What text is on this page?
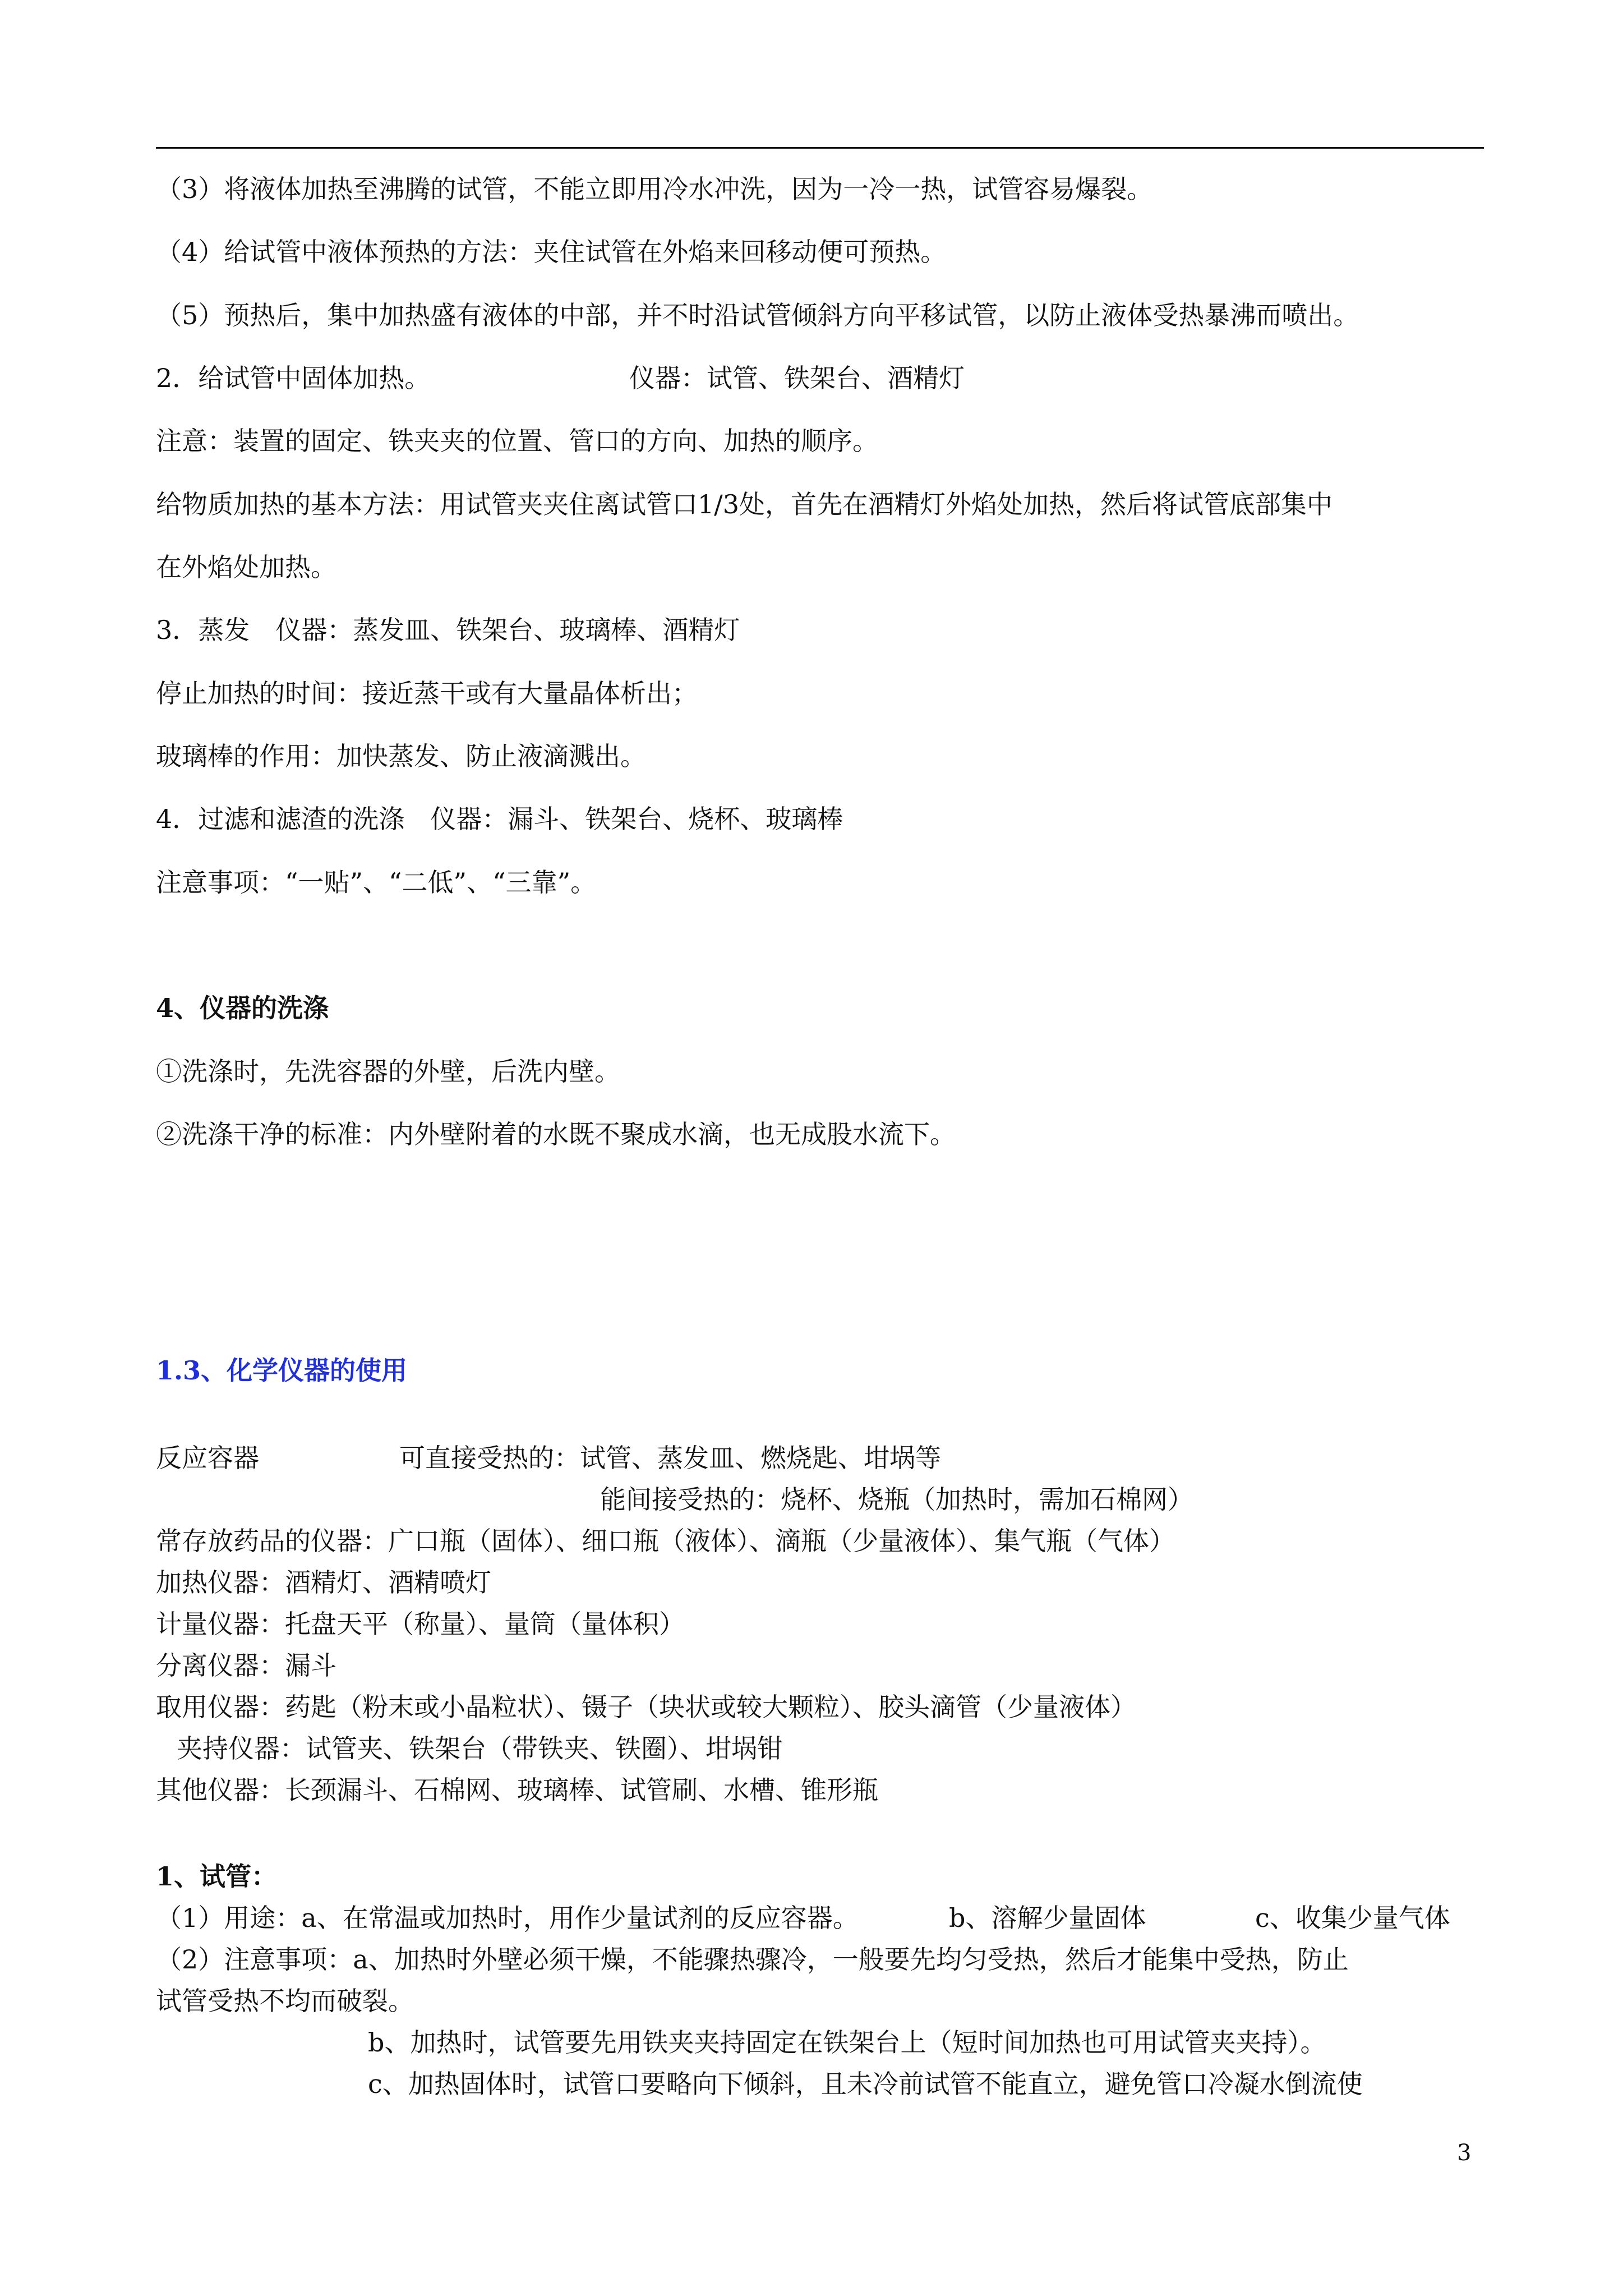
（3）将液体加热至沸腾的试管，不能立即用冷水冲洗，因为一冷一热，试管容易爆裂。
（4）给试管中液体预热的方法：夹住试管在外焰来回移动便可预热。
（5）预热后，集中加热盛有液体的中部，并不时沿试管倾斜方向平移试管，以防止液体受热暴沸而喷出。
2．给试管中固体加热。	仪器：试管、铁架台、酒精灯
注意：装置的固定、铁夹夹的位置、管口的方向、加热的顺序。
给物质加热的基本方法：用试管夹夹住离试管口1/3处，首先在酒精灯外焰处加热，然后将试管底部集中
在外焰处加热。
3．蒸发　仪器：蒸发皿、铁架台、玻璃棒、酒精灯
停止加热的时间：接近蒸干或有大量晶体析出；
玻璃棒的作用：加快蒸发、防止液滴溅出。
4．过滤和滤渣的洗涤　仪器：漏斗、铁架台、烧杯、玻璃棒
注意事项：“一贴”、“二低”、“三靠”。
4、仪器的洗涤
①洗涤时，先洗容器的外壁，后洗内壁。
②洗涤干净的标准：内外壁附着的水既不聚成水滴，也无成股水流下。
1.3、化学仪器的使用
反应容器	可直接受热的：试管、蒸发皿、燃烧匙、坩埚等
能间接受热的：烧杯、烧瓶（加热时，需加石棉网）
常存放药品的仪器：广口瓶（固体）、细口瓶（液体）、滴瓶（少量液体）、集气瓶（气体）
加热仪器：酒精灯、酒精喷灯
计量仪器：托盘天平（称量）、量筒（量体积）
分离仪器：漏斗
取用仪器：药匙（粉末或小晶粒状）、镊子（块状或较大颗粒）、胶头滴管（少量液体）
夹持仪器：试管夹、铁架台（带铁夹、铁圈）、坩埚钳
其他仪器：长颈漏斗、石棉网、玻璃棒、试管刷、水槽、锥形瓶
1、试管：
（1）用途：a、在常温或加热时，用作少量试剂的反应容器。	b、溶解少量固体	c、收集少量气体
（2）注意事项：a、加热时外壁必须干燥，不能骤热骤冷，一般要先均匀受热，然后才能集中受热，防止
试管受热不均而破裂。
b、加热时，试管要先用铁夹夹持固定在铁架台上（短时间加热也可用试管夹夹持）。
c、加热固体时，试管口要略向下倾斜，且未冷前试管不能直立，避免管口冷凝水倒流使
3
